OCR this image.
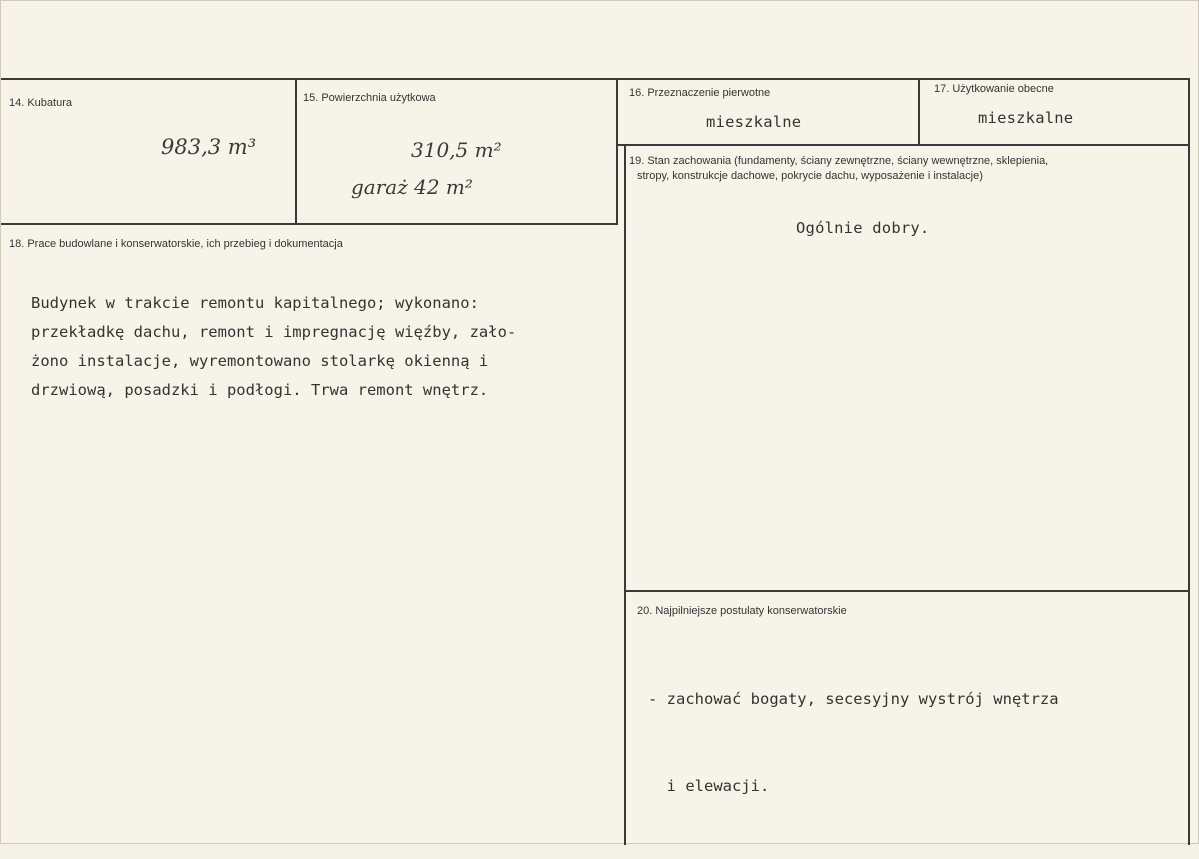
14. Kubatura
983,3 m³
15. Powierzchnia użytkowa
310,5 m²
garaż 42 m²
16. Przeznaczenie pierwotne
mieszkalne
17. Użytkowanie obecne
mieszkalne
18. Prace budowlane i konserwatorskie, ich przebieg i dokumentacja
Budynek w trakcie remontu kapitalnego; wykonano:
przekładkę dachu, remont i impregnację więźby, zało-
żono instalacje, wyremontowano stolarkę okienną i
drzwiową, posadzki i podłogi. Trwa remont wnętrz.
19. Stan zachowania (fundamenty, ściany zewnętrzne, ściany wewnętrzne, sklepienia,
stropy, konstrukcje dachowe, pokrycie dachu, wyposażenie i instalacje)
Ogólnie dobry.
20. Najpilniejsze postulaty konserwatorskie

- zachować bogaty, secesyjny wystrój wnętrza

i elewacji.
